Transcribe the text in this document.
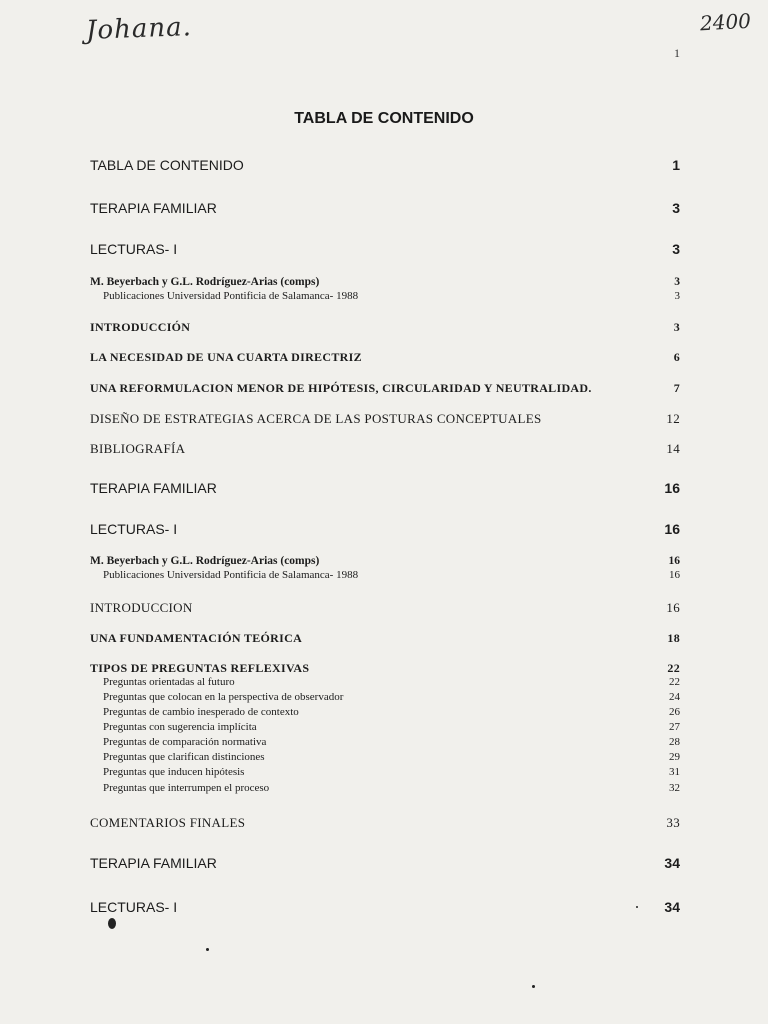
Johana.	2400
1
TABLA DE CONTENIDO
TABLA DE CONTENIDO	1
TERAPIA FAMILIAR	3
LECTURAS- I	3
M. Beyerbach y G.L. Rodríguez-Arias (comps)	3
Publicaciones Universidad Pontificia de Salamanca- 1988	3
INTRODUCCIÓN	3
LA NECESIDAD DE UNA CUARTA DIRECTRIZ	6
UNA REFORMULACION MENOR DE HIPÓTESIS, CIRCULARIDAD Y NEUTRALIDAD.	7
DISEÑO DE ESTRATEGIAS ACERCA DE LAS POSTURAS CONCEPTUALES	12
BIBLIOGRAFÍA	14
TERAPIA FAMILIAR	16
LECTURAS- I	16
M. Beyerbach y G.L. Rodríguez-Arias (comps)	16
Publicaciones Universidad Pontificia de Salamanca- 1988	16
INTRODUCCION	16
UNA FUNDAMENTACIÓN TEÓRICA	18
TIPOS DE PREGUNTAS REFLEXIVAS	22
Preguntas orientadas al futuro	22
Preguntas que colocan en la perspectiva de observador	24
Preguntas de cambio inesperado de contexto	26
Preguntas con sugerencia implícita	27
Preguntas de comparación normativa	28
Preguntas que clarifican distinciones	29
Preguntas que inducen hipótesis	31
Preguntas que interrumpen el proceso	32
COMENTARIOS FINALES	33
TERAPIA FAMILIAR	34
LECTURAS- I	34
